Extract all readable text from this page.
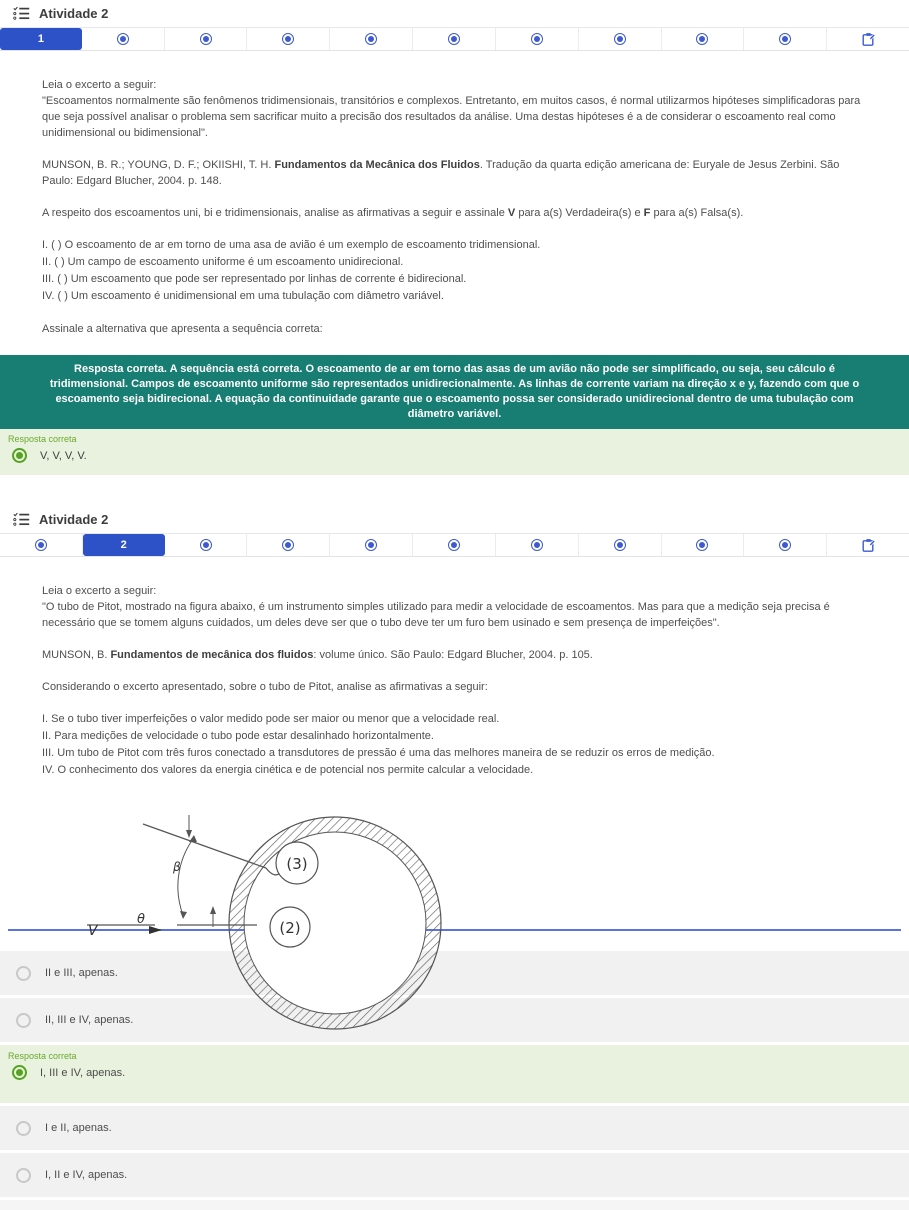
Atividade 2
1
Leia o excerto a seguir:
"Escoamentos normalmente são fenômenos tridimensionais, transitórios e complexos. Entretanto, em muitos casos, é normal utilizarmos hipóteses simplificadoras para que seja possível analisar o problema sem sacrificar muito a precisão dos resultados da análise. Uma destas hipóteses é a de considerar o escoamento real como unidimensional ou bidimensional".
MUNSON, B. R.; YOUNG, D. F.; OKIISHI, T. H. Fundamentos da Mecânica dos Fluidos. Tradução da quarta edição americana de: Euryale de Jesus Zerbini. São Paulo: Edgard Blucher, 2004. p. 148.
A respeito dos escoamentos uni, bi e tridimensionais, analise as afirmativas a seguir e assinale V para a(s) Verdadeira(s) e F para a(s) Falsa(s).
I. ( ) O escoamento de ar em torno de uma asa de avião é um exemplo de escoamento tridimensional.
II. ( ) Um campo de escoamento uniforme é um escoamento unidirecional.
III. ( ) Um escoamento que pode ser representado por linhas de corrente é bidirecional.
IV. ( ) Um escoamento é unidimensional em uma tubulação com diâmetro variável.
Assinale a alternativa que apresenta a sequência correta:
Resposta correta. A sequência está correta. O escoamento de ar em torno das asas de um avião não pode ser simplificado, ou seja, seu cálculo é tridimensional. Campos de escoamento uniforme são representados unidirecionalmente. As linhas de corrente variam na direção x e y, fazendo com que o escoamento seja bidirecional. A equação da continuidade garante que o escoamento possa ser considerado unidirecional dentro de uma tubulação com diâmetro variável.
Resposta correta
V, V, V, V.
Atividade 2
2
Leia o excerto a seguir:
"O tubo de Pitot, mostrado na figura abaixo, é um instrumento simples utilizado para medir a velocidade de escoamentos. Mas para que a medição seja precisa é necessário que se tomem alguns cuidados, um deles deve ser que o tubo deve ter um furo bem usinado e sem presença de imperfeições".
MUNSON, B. Fundamentos de mecânica dos fluidos: volume único. São Paulo: Edgard Blucher, 2004. p. 105.
Considerando o excerto apresentado, sobre o tubo de Pitot, analise as afirmativas a seguir:
I. Se o tubo tiver imperfeições o valor medido pode ser maior ou menor que a velocidade real.
II. Para medições de velocidade o tubo pode estar desalinhado horizontalmente.
III. Um tubo de Pitot com três furos conectado a transdutores de pressão é uma das melhores maneira de se reduzir os erros de medição.
IV. O conhecimento dos valores da energia cinética e de potencial nos permite calcular a velocidade.
(3)
(2)
θ
V
β
II e III, apenas.
II, III e IV, apenas.
Resposta correta
I, III e IV, apenas.
I e II, apenas.
I, II e IV, apenas.
